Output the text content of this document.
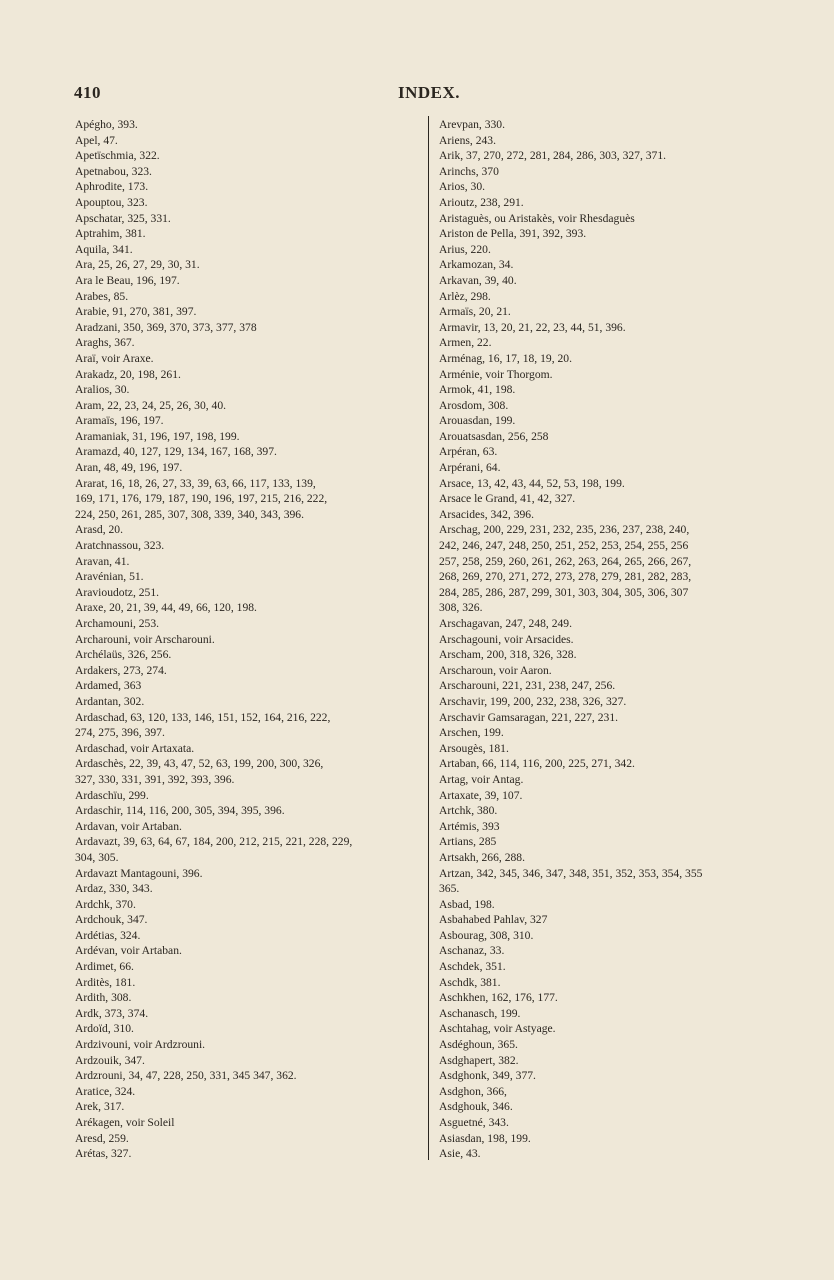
410	INDEX.
Apégho, 393.
Apel, 47.
Apetïschmia, 322.
Apetnabou, 323.
Aphrodite, 173.
Apouptou, 323.
Apschatar, 325, 331.
Aptrahim, 381.
Aquila, 341.
Ara, 25, 26, 27, 29, 30, 31.
Ara le Beau, 196, 197.
Arabes, 85.
Arabie, 91, 270, 381, 397.
Aradzani, 350, 369, 370, 373, 377, 378
Araghs, 367.
Araï, voir Araxe.
Arakadz, 20, 198, 261.
Aralios, 30.
Aram, 22, 23, 24, 25, 26, 30, 40.
Aramaïs, 196, 197.
Aramaniak, 31, 196, 197, 198, 199.
Aramazd, 40, 127, 129, 134, 167, 168, 397.
Aran, 48, 49, 196, 197.
Ararat, 16, 18, 26, 27, 33, 39, 63, 66, 117, 133, 139,
169, 171, 176, 179, 187, 190, 196, 197, 215, 216, 222,
224, 250, 261, 285, 307, 308, 339, 340, 343, 396.
Arasd, 20.
Aratchnassou, 323.
Aravan, 41.
Aravénian, 51.
Aravioudotz, 251.
Araxe, 20, 21, 39, 44, 49, 66, 120, 198.
Archamouni, 253.
Archarouni, voir Arscharouni.
Archélaüs, 326, 256.
Ardakers, 273, 274.
Ardamed, 363
Ardantan, 302.
Ardaschad, 63, 120, 133, 146, 151, 152, 164, 216, 222,
274, 275, 396, 397.
Ardaschad, voir Artaxata.
Ardaschès, 22, 39, 43, 47, 52, 63, 199, 200, 300, 326,
327, 330, 331, 391, 392, 393, 396.
Ardaschïu, 299.
Ardaschir, 114, 116, 200, 305, 394, 395, 396.
Ardavan, voir Artaban.
Ardavazt, 39, 63, 64, 67, 184, 200, 212, 215, 221, 228, 229,
304, 305.
Ardavazt Mantagouni, 396.
Ardaz, 330, 343.
Ardchk, 370.
Ardchouk, 347.
Ardétias, 324.
Ardévan, voir Artaban.
Ardimet, 66.
Arditès, 181.
Ardith, 308.
Ardk, 373, 374.
Ardoïd, 310.
Ardzivouni, voir Ardzrouni.
Ardzouik, 347.
Ardzrouni, 34, 47, 228, 250, 331, 345 347, 362.
Aratice, 324.
Arek, 317.
Arékagen, voir Soleil
Aresd, 259.
Arétas, 327.
Arevpan, 330.
Ariens, 243.
Arik, 37, 270, 272, 281, 284, 286, 303, 327, 371.
Arinchs, 370
Arios, 30.
Arioutz, 238, 291.
Aristaguès, ou Aristakès, voir Rhesdaguès
Ariston de Pella, 391, 392, 393.
Arius, 220.
Arkamozan, 34.
Arkavan, 39, 40.
Arlèz, 298.
Armaïs, 20, 21.
Armavir, 13, 20, 21, 22, 23, 44, 51, 396.
Armen, 22.
Arménag, 16, 17, 18, 19, 20.
Arménie, voir Thorgom.
Armok, 41, 198.
Arosdom, 308.
Arouasdan, 199.
Arouatsasdan, 256, 258
Arpéran, 63.
Arpérani, 64.
Arsace, 13, 42, 43, 44, 52, 53, 198, 199.
Arsace le Grand, 41, 42, 327.
Arsacides, 342, 396.
Arschag, 200, 229, 231, 232, 235, 236, 237, 238, 240,
242, 246, 247, 248, 250, 251, 252, 253, 254, 255, 256
257, 258, 259, 260, 261, 262, 263, 264, 265, 266, 267,
268, 269, 270, 271, 272, 273, 278, 279, 281, 282, 283,
284, 285, 286, 287, 299, 301, 303, 304, 305, 306, 307
308, 326.
Arschagavan, 247, 248, 249.
Arschagouni, voir Arsacides.
Arscham, 200, 318, 326, 328.
Arscharoun, voir Aaron.
Arscharouni, 221, 231, 238, 247, 256.
Arschavir, 199, 200, 232, 238, 326, 327.
Arschavir Gamsaragan, 221, 227, 231.
Arschen, 199.
Arsougès, 181.
Artaban, 66, 114, 116, 200, 225, 271, 342.
Artag, voir Antag.
Artaxate, 39, 107.
Artchk, 380.
Artémis, 393
Artians, 285
Artsakh, 266, 288.
Artzan, 342, 345, 346, 347, 348, 351, 352, 353, 354, 355
365.
Asbad, 198.
Asbahabed Pahlav, 327
Asbourag, 308, 310.
Aschanaz, 33.
Aschdek, 351.
Aschdk, 381.
Aschkhen, 162, 176, 177.
Aschanasch, 199.
Aschtahag, voir Astyage.
Asdéghoun, 365.
Asdghapert, 382.
Asdghonk, 349, 377.
Asdghon, 366,
Asdghouk, 346.
Asguetné, 343.
Asiasdan, 198, 199.
Asie, 43.
